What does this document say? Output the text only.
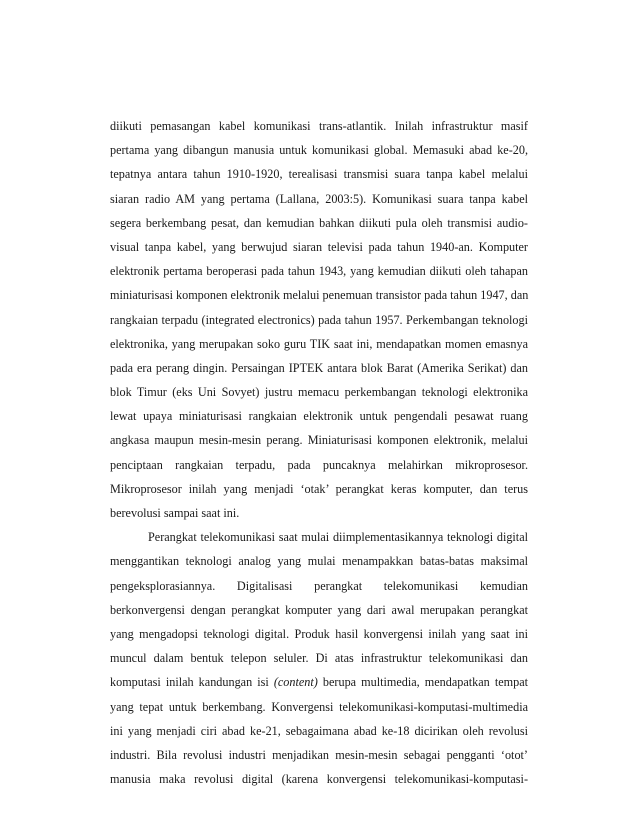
diikuti pemasangan kabel komunikasi trans-atlantik. Inilah infrastruktur masif
pertama yang dibangun manusia untuk komunikasi global. Memasuki abad ke-20,
tepatnya antara tahun 1910-1920, terealisasi transmisi suara tanpa kabel melalui
siaran radio AM yang pertama (Lallana, 2003:5). Komunikasi suara tanpa kabel
segera berkembang pesat, dan kemudian bahkan diikuti pula oleh transmisi audio-
visual tanpa kabel, yang berwujud siaran televisi pada tahun 1940-an. Komputer
elektronik pertama beroperasi pada tahun 1943, yang kemudian diikuti oleh tahapan
miniaturisasi komponen elektronik melalui penemuan transistor pada tahun 1947, dan
rangkaian terpadu (integrated electronics) pada tahun 1957. Perkembangan teknologi
elektronika, yang merupakan soko guru TIK saat ini, mendapatkan momen emasnya
pada era perang dingin. Persaingan IPTEK antara blok Barat (Amerika Serikat) dan
blok Timur (eks Uni Sovyet) justru memacu perkembangan teknologi elektronika
lewat upaya miniaturisasi rangkaian elektronik untuk pengendali pesawat ruang
angkasa maupun mesin-mesin perang. Miniaturisasi komponen elektronik, melalui
penciptaan rangkaian terpadu, pada puncaknya melahirkan mikroprosesor.
Mikroprosesor inilah yang menjadi ‘otak’ perangkat keras komputer, dan terus
berevolusi sampai saat ini.
Perangkat telekomunikasi saat mulai diimplementasikannya teknologi digital
menggantikan teknologi analog yang mulai menampakkan batas-batas maksimal
pengeksplorasiannya. Digitalisasi perangkat telekomunikasi kemudian
berkonvergensi dengan perangkat komputer yang dari awal merupakan perangkat
yang mengadopsi teknologi digital. Produk hasil konvergensi inilah yang saat ini
muncul dalam bentuk telepon seluler. Di atas infrastruktur telekomunikasi dan
komputasi inilah kandungan isi (content) berupa multimedia, mendapatkan tempat
yang tepat untuk berkembang. Konvergensi telekomunikasi-komputasi-multimedia
ini yang menjadi ciri abad ke-21, sebagaimana abad ke-18 dicirikan oleh revolusi
industri. Bila revolusi industri menjadikan mesin-mesin sebagai pengganti ‘otot’
manusia maka revolusi digital (karena konvergensi telekomunikasi-komputasi-
